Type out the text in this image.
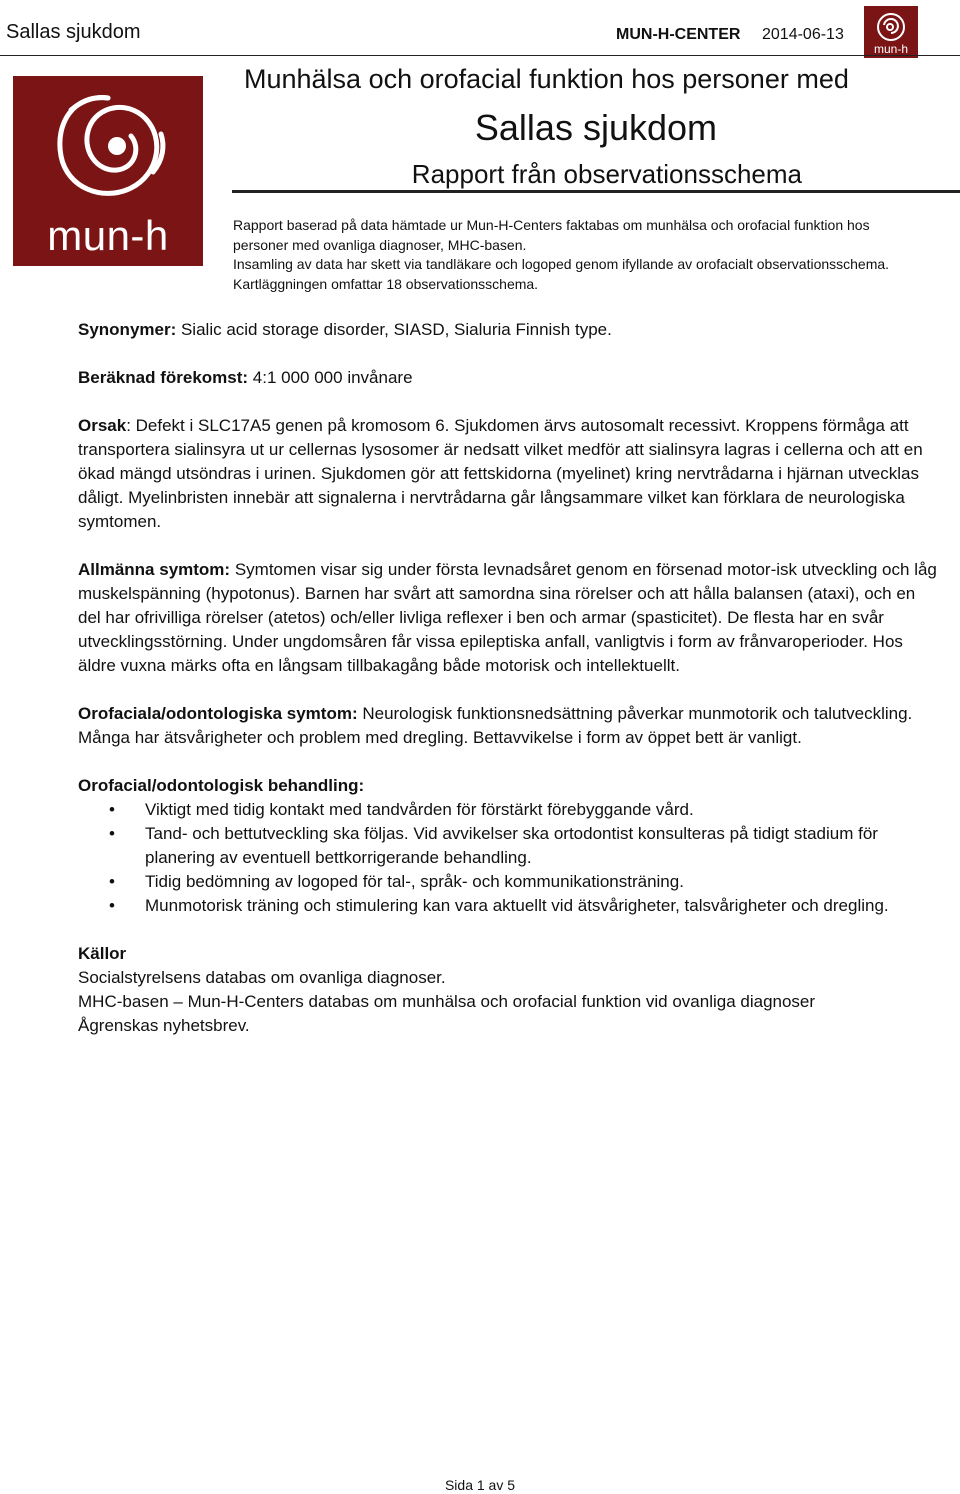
Sallas sjukdom	MUN-H-CENTER 2014-06-13
mun-h
mun-h
Munhälsa och orofacial funktion hos personer med
Sallas sjukdom
Rapport från observationsschema

Rapport baserad på data hämtade ur Mun-H-Centers faktabas om munhälsa och orofacial funktion hos personer med ovanliga diagnoser, MHC-basen.

Insamling av data har skett via tandläkare och logoped genom ifyllande av orofacialt observationsschema. Kartläggningen omfattar 18 observationsschema.

Synonymer: Sialic acid storage disorder, SIASD, Sialuria Finnish type.

Beräknad förekomst: 4:1 000 000 invånare

Orsak: Defekt i SLC17A5 genen på kromosom 6. Sjukdomen ärvs autosomalt recessivt. Kroppens förmåga att transportera sialinsyra ut ur cellernas lysosomer är nedsatt vilket medför att sialinsyra lagras i cellerna och att en ökad mängd utsöndras i urinen. Sjukdomen gör att fettskidorna (myelinet) kring nervtrådarna i hjärnan utvecklas dåligt. Myelinbristen innebär att signalerna i nervtrådarna går långsammare vilket kan förklara de neurologiska symtomen.

Allmänna symtom: Symtomen visar sig under första levnadsåret genom en försenad motor-isk utveckling och låg muskelspänning (hypotonus). Barnen har svårt att samordna sina rörelser och att hålla balansen (ataxi), och en del har ofrivilliga rörelser (atetos) och/eller livliga reflexer i ben och armar (spasticitet). De flesta har en svår utvecklingsstörning. Under ungdomsåren får vissa epileptiska anfall, vanligtvis i form av frånvaroperioder. Hos äldre vuxna märks ofta en långsam tillbakagång både motorisk och intellektuellt.

Orofaciala/odontologiska symtom: Neurologisk funktionsnedsättning påverkar munmotorik och talutveckling. Många har ätsvårigheter och problem med dregling. Bettavvikelse i form av öppet bett är vanligt.

Orofacial/odontologisk behandling:

• Viktigt med tidig kontakt med tandvården för förstärkt förebyggande vård.
• Tand- och bettutveckling ska följas. Vid avvikelser ska ortodontist konsulteras på tidigt stadium för planering av eventuell bettkorrigerande behandling.
• Tidig bedömning av logoped för tal-, språk- och kommunikationsträning.
• Munmotorisk träning och stimulering kan vara aktuellt vid ätsvårigheter, talsvårigheter och dregling.

Källor

Socialstyrelsens databas om ovanliga diagnoser.

MHC-basen – Mun-H-Centers databas om munhälsa och orofacial funktion vid ovanliga diagnoser

Ågrenskas nyhetsbrev.

Sida 1 av 5
